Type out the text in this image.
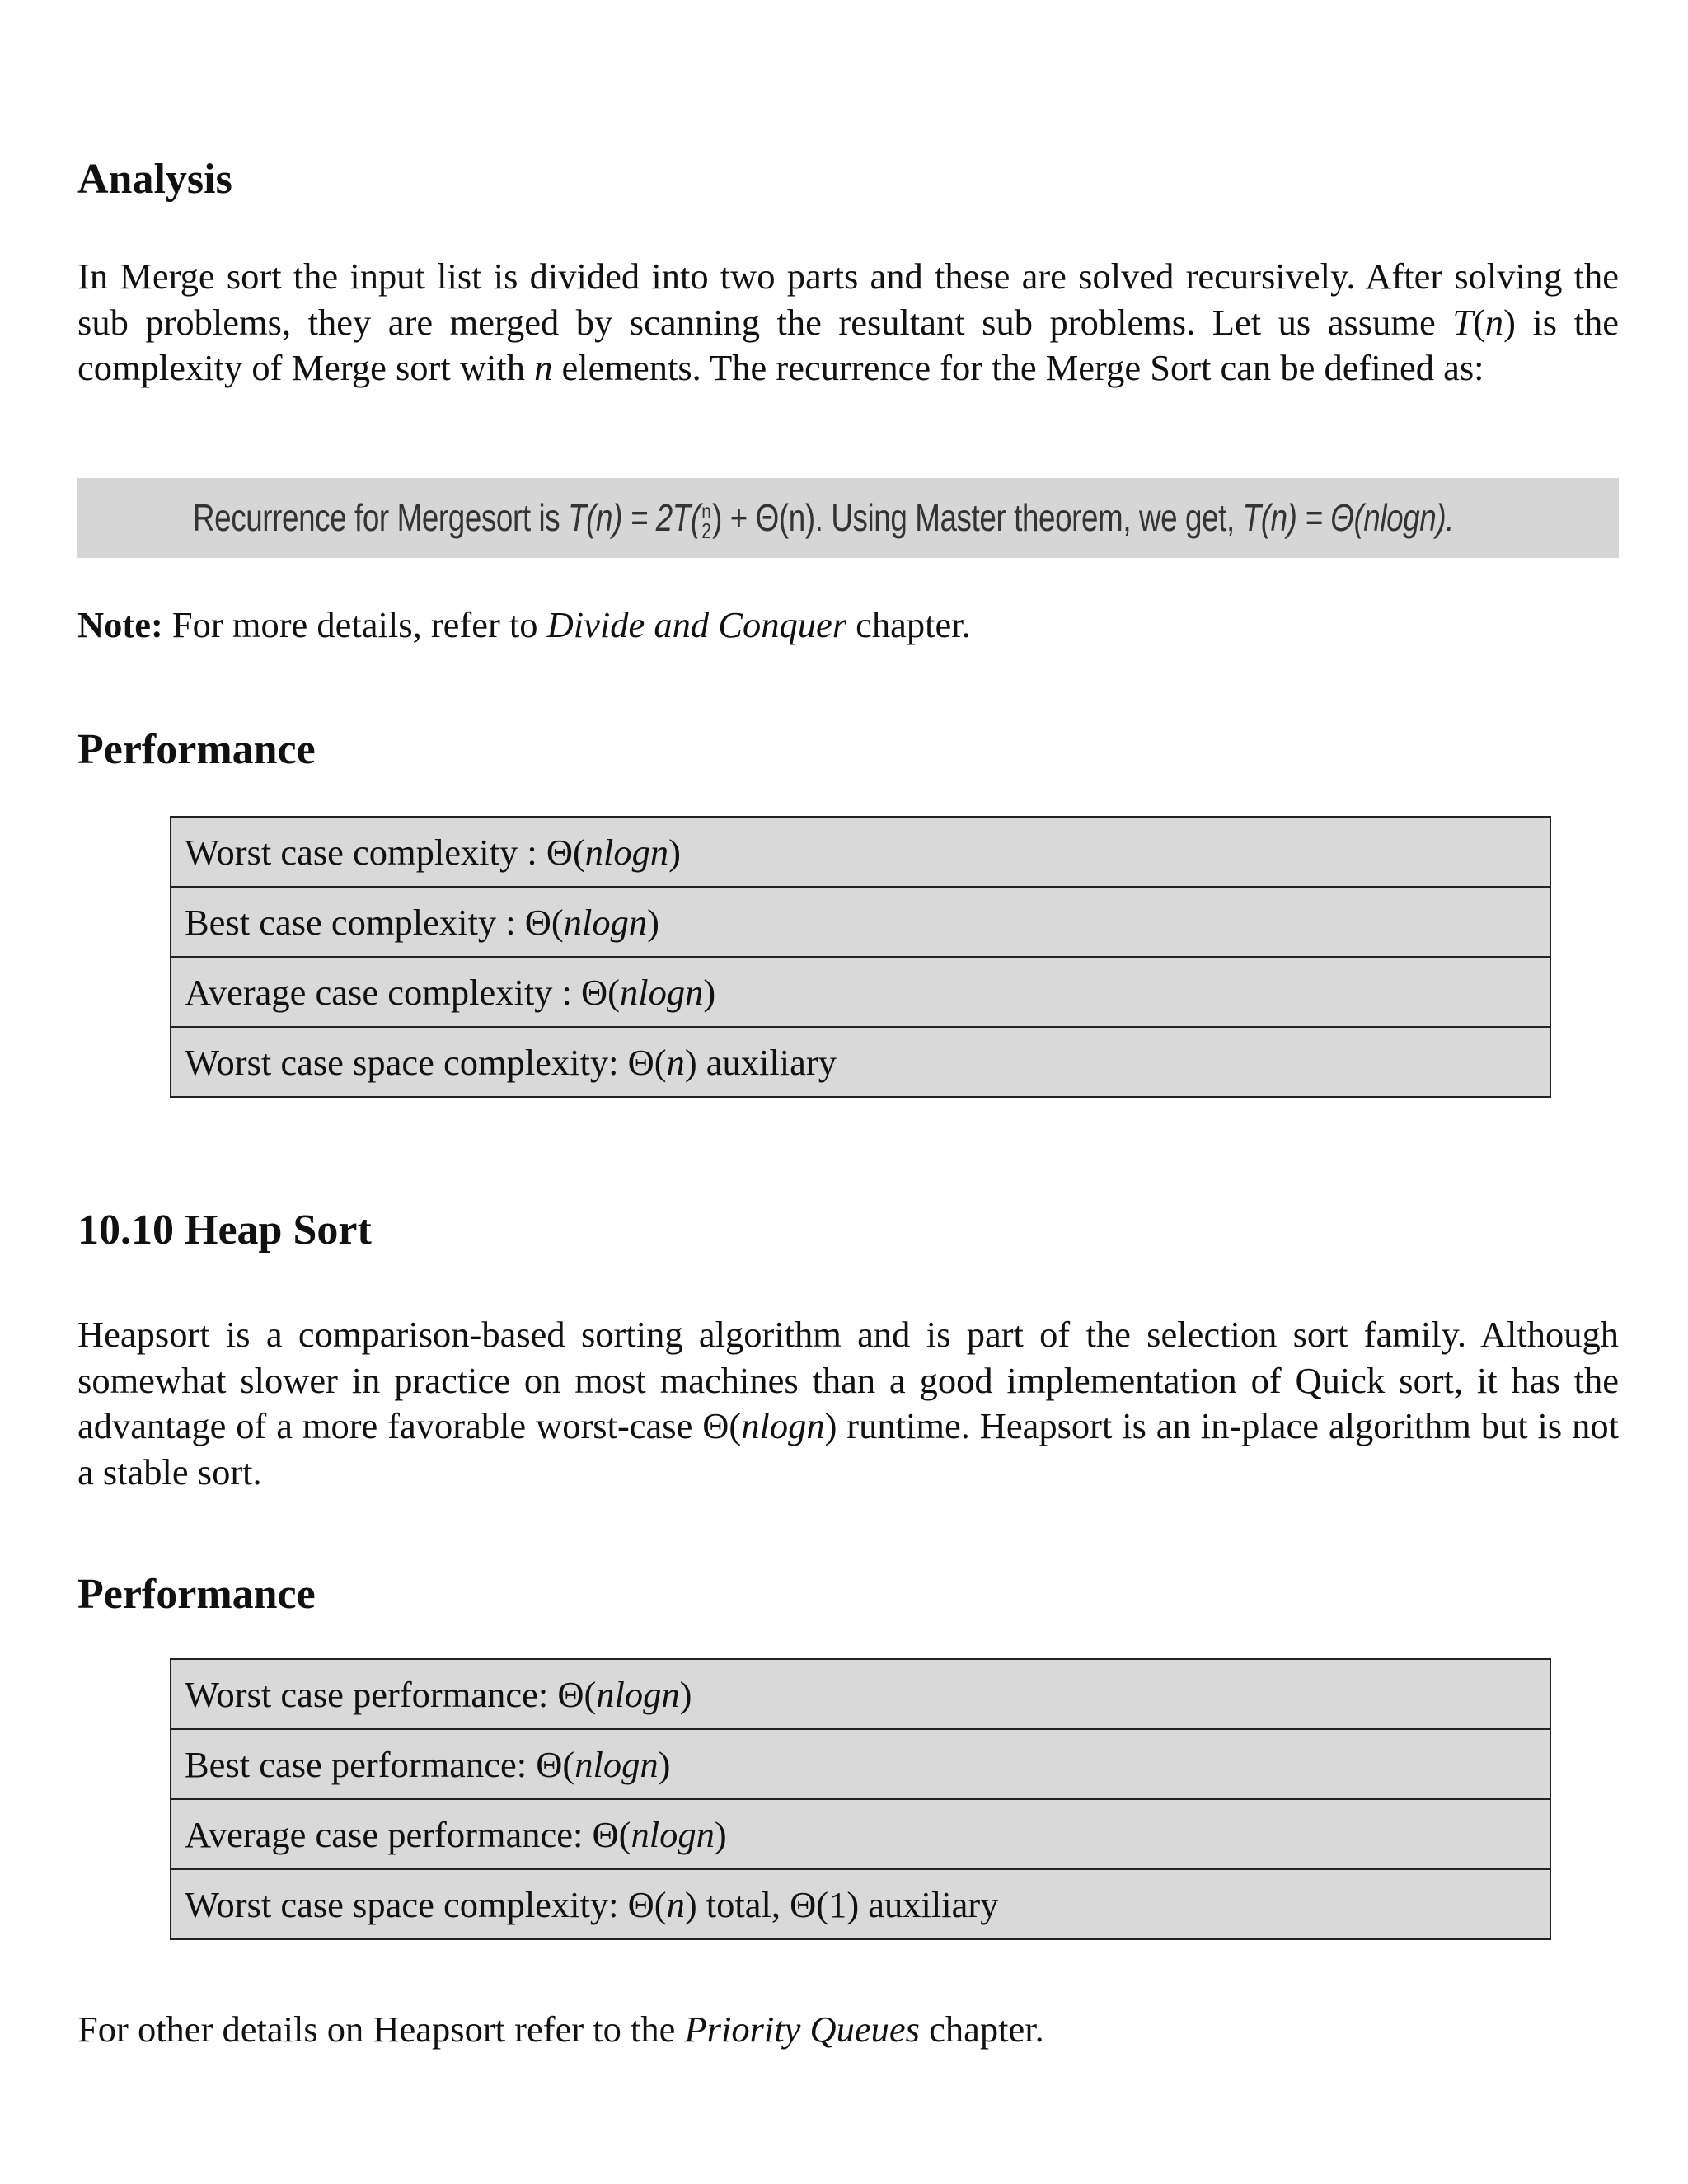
Analysis

In Merge sort the input list is divided into two parts and these are solved recursively. After solving the sub problems, they are merged by scanning the resultant sub problems. Let us assume T(n) is the complexity of Merge sort with n elements. The recurrence for the Merge Sort can be defined as:

Recurrence for Mergesort is T(n) = 2T( n
2 ) + Θ(n). Using Master theorem, we get, T(n) = Θ(nlogn).
Note: For more details, refer to Divide and Conquer chapter.
Performance
Worst case complexity : Θ(nlogn)
Best case complexity : Θ(nlogn)
Average case complexity : Θ(nlogn)
Worst case space complexity: Θ(n) auxiliary
10.10 Heap Sort

Heapsort is a comparison-based sorting algorithm and is part of the selection sort family. Although somewhat slower in practice on most machines than a good implementation of Quick sort, it has the advantage of a more favorable worst-case Θ(nlogn) runtime. Heapsort is an in-place algorithm but is not a stable sort.

Performance
Worst case performance: Θ(nlogn)
Best case performance: Θ(nlogn)
Average case performance: Θ(nlogn)
Worst case space complexity: Θ(n) total, Θ(1) auxiliary
For other details on Heapsort refer to the Priority Queues chapter.
